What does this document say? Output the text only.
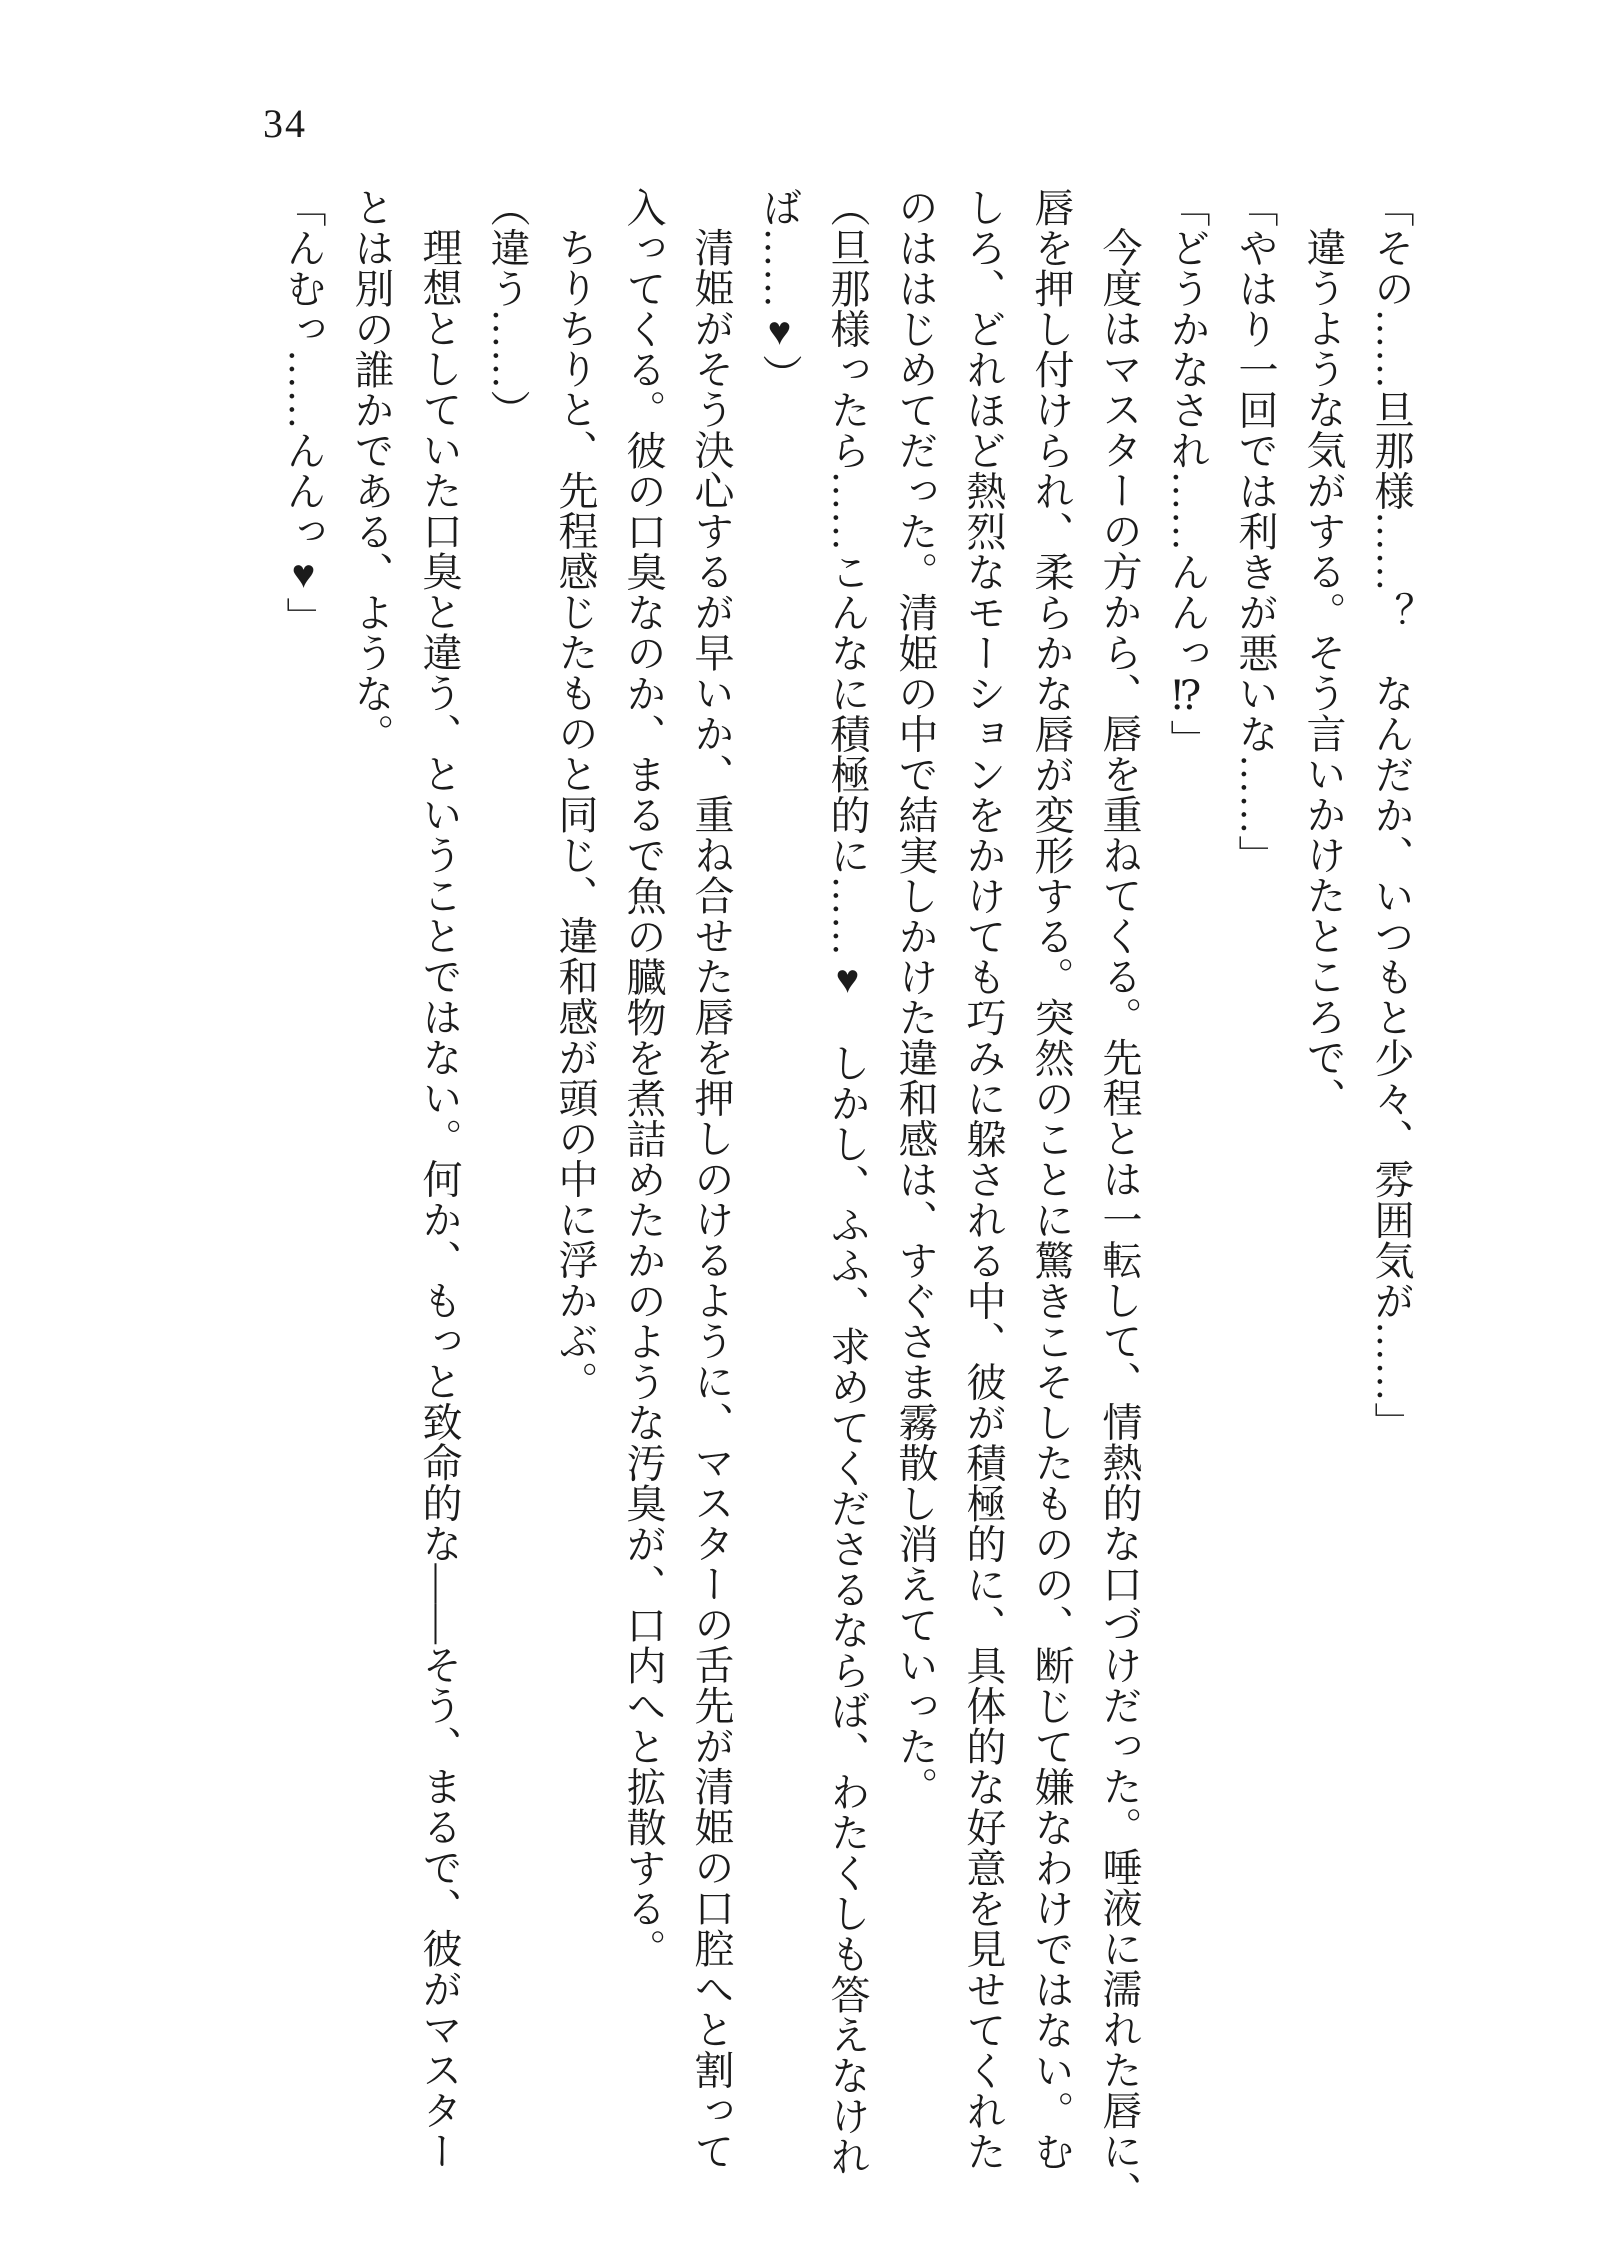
34
「その……旦那様……？　なんだか、いつもと少々、雰囲気が……」
違うような気がする。そう言いかけたところで、
「やはり一回では利きが悪いな……」
「どうかなされ……んんっ⁉」
今度はマスターの方から、唇を重ねてくる。先程とは一転して、情熱的な口づけだった。唾液に濡れた唇に、
唇を押し付けられ、柔らかな唇が変形する。突然のことに驚きこそしたものの、断じて嫌なわけではない。む
しろ、どれほど熱烈なモーションをかけても巧みに躱される中、彼が積極的に、具体的な好意を見せてくれた
のははじめてだった。清姫の中で結実しかけた違和感は、すぐさま霧散し消えていった。
（旦那様ったら……こんなに積極的に……♥　しかし、ふふ、求めてくださるならば、わたくしも答えなけれ
ば……♥）
清姫がそう決心するが早いか、重ね合せた唇を押しのけるように、マスターの舌先が清姫の口腔へと割って
入ってくる。彼の口臭なのか、まるで魚の臓物を煮詰めたかのような汚臭が、口内へと拡散する。
ちりちりと、先程感じたものと同じ、違和感が頭の中に浮かぶ。
（違う……）
理想としていた口臭と違う、ということではない。何か、もっと致命的な――そう、まるで、彼がマスター
とは別の誰かである、ような。
「んむっ……んんっ♥」
